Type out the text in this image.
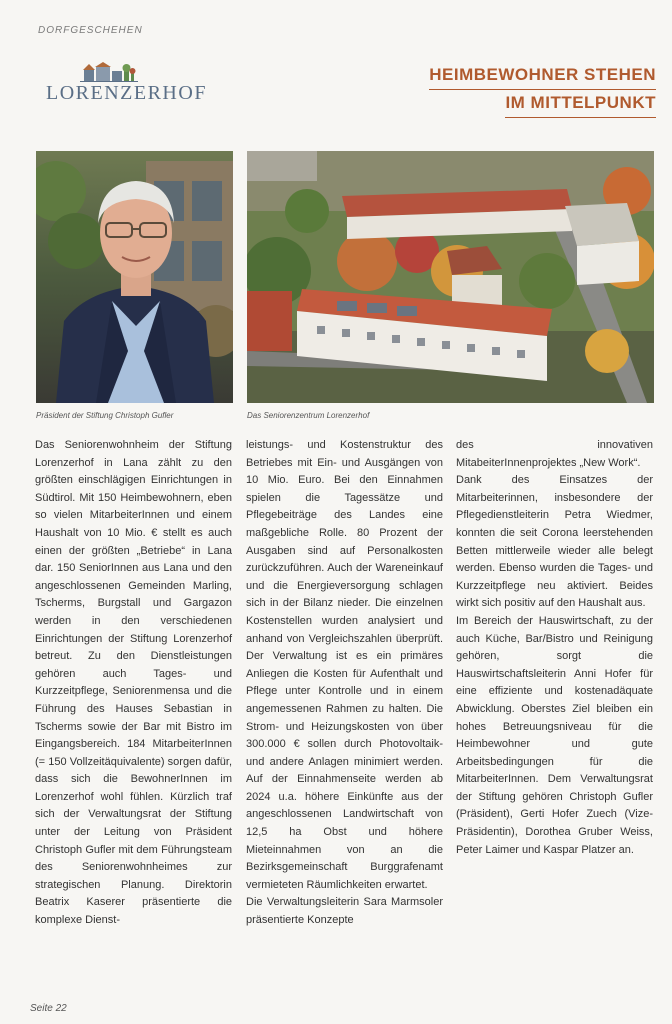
DORFGESCHEHEN
LORENZERHOF
HEIMBEWOHNER STEHEN
IM MITTELPUNKT
Präsident der Stiftung Christoph Gufler	Das Seniorenzentrum Lorenzerhof

Das Seniorenwohnheim der Stiftung Lorenzerhof in Lana zählt zu den größten einschlägigen Einrichtungen in Südtirol. Mit 150 Heimbewohnern, eben so vielen MitarbeiterInnen und einem Haushalt von 10 Mio. € stellt es auch einen der größten „Betriebe“ in Lana dar. 150 SeniorInnen aus Lana und den angeschlossenen Gemeinden Marling, Tscherms, Burgstall und Gargazon werden in den verschiedenen Einrichtungen der Stiftung Lorenzerhof betreut. Zu den Dienstleistungen gehören auch Tages- und Kurzzeitpflege, Seniorenmensa und die Führung des Hauses Sebastian in Tscherms sowie der Bar mit Bistro im Eingangsbereich. 184 MitarbeiterInnen (= 150 Vollzeitäquivalente) sorgen dafür, dass sich die BewohnerInnen im Lorenzerhof wohl fühlen. Kürzlich traf sich der Verwaltungsrat der Stiftung unter der Leitung von Präsident Christoph Gufler mit dem Führungsteam des Seniorenwohnheimes zur strategischen Planung. Direktorin Beatrix Kaserer präsentierte die komplexe Dienst-

leistungs- und Kostenstruktur des Betriebes mit Ein- und Ausgängen von 10 Mio. Euro. Bei den Einnahmen spielen die Tagessätze und Pflegebeiträge des Landes eine maßgebliche Rolle. 80 Prozent der Ausgaben sind auf Personalkosten zurückzuführen. Auch der Wareneinkauf und die Energieversorgung schlagen sich in der Bilanz nieder. Die einzelnen Kostenstellen wurden analysiert und anhand von Vergleichszahlen überprüft. Der Verwaltung ist es ein primäres Anliegen die Kosten für Aufenthalt und Pflege unter Kontrolle und in einem angemessenen Rahmen zu halten. Die Strom- und Heizungskosten von über 300.000 € sollen durch Photovoltaik- und andere Anlagen minimiert werden. Auf der Einnahmenseite werden ab 2024 u.a. höhere Einkünfte aus der angeschlossenen Landwirtschaft von 12,5 ha Obst und höhere Mieteinnahmen von an die Bezirksgemeinschaft Burggrafenamt vermieteten Räumlichkeiten erwartet.

Die Verwaltungsleiterin Sara Marmsoler präsentierte Konzepte

des innovativen MitabeiterInnenprojektes „New Work“.

Dank des Einsatzes der Mitarbeiterinnen, insbesondere der Pflegedienstleiterin Petra Wiedmer, konnten die seit Corona leerstehenden Betten mittlerweile wieder alle belegt werden. Ebenso wurden die Tages- und Kurzzeitpflege neu aktiviert. Beides wirkt sich positiv auf den Haushalt aus.

Im Bereich der Hauswirtschaft, zu der auch Küche, Bar/Bistro und Reinigung gehören, sorgt die Hauswirtschaftsleiterin Anni Hofer für eine effiziente und kostenadäquate Abwicklung. Oberstes Ziel bleiben ein hohes Betreuungsniveau für die Heimbewohner und gute Arbeitsbedingungen für die MitarbeiterInnen. Dem Verwaltungsrat der Stiftung gehören Christoph Gufler (Präsident), Gerti Hofer Zuech (Vize-Präsidentin), Dorothea Gruber Weiss, Peter Laimer und Kaspar Platzer an.

Seite 22
